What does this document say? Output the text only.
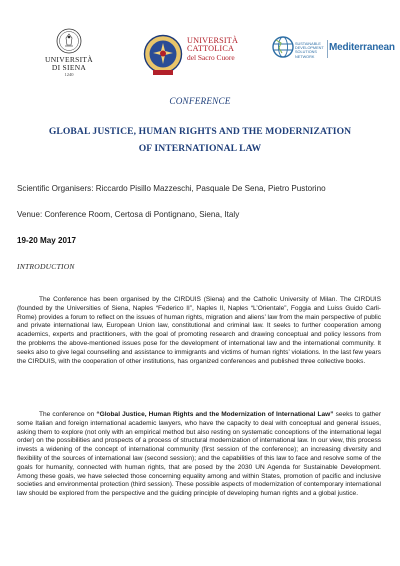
UNIVERSITÀ
DI SIENA
1240
UNIVERSITÀ
CATTOLICA
del Sacro Cuore
SUSTAINABLE DEVELOPMENT SOLUTIONS NETWORK
Mediterranean
CONFERENCE
GLOBAL JUSTICE, HUMAN RIGHTS AND THE MODERNIZATION
OF INTERNATIONAL LAW
Scientific Organisers: Riccardo Pisillo Mazzeschi, Pasquale De Sena, Pietro Pustorino
Venue: Conference Room, Certosa di Pontignano, Siena, Italy
19-20 May 2017
INTRODUCTION

The Conference has been organised by the CIRDUIS (Siena) and the Catholic University of Milan. The CIRDUIS (founded by the Universities of Siena, Naples “Federico II”, Naples II, Naples “L’Orientale”, Foggia and Luiss Guido Carli-Rome) provides a forum to reflect on the issues of human rights, migration and aliens’ law from the main perspective of public and private international law, European Union law, constitutional and criminal law. It seeks to further cooperation among academics, experts and practitioners, with the goal of promoting research and drawing conceptual and policy lessons from the problems the above-mentioned issues pose for the development of international law and the international community. It seeks also to give legal counselling and assistance to immigrants and victims of human rights’ violations. In the last few years the CIRDUIS, with the cooperation of other institutions, has organized conferences and published three collective books.

The conference on “Global Justice, Human Rights and the Modernization of International Law” seeks to gather some Italian and foreign international academic lawyers, who have the capacity to deal with conceptual and general issues, asking them to explore (not only with an empirical method but also resting on systematic conceptions of the international legal order) on the possibilities and prospects of a process of structural modernization of international law. In our view, this process invests a widening of the concept of international community (first session of the conference); an increasing diversity and flexibility of the sources of international law (second session); and the capabilities of this law to face and resolve some of the goals for humanity, connected with human rights, that are posed by the 2030 UN Agenda for Sustainable Development. Among these goals, we have selected those concerning equality among and within States, promotion of pacific and inclusive societies and environmental protection (third session). These possible aspects of modernization of contemporary international law should be explored from the perspective and the guiding principle of developing human rights and a global justice.
